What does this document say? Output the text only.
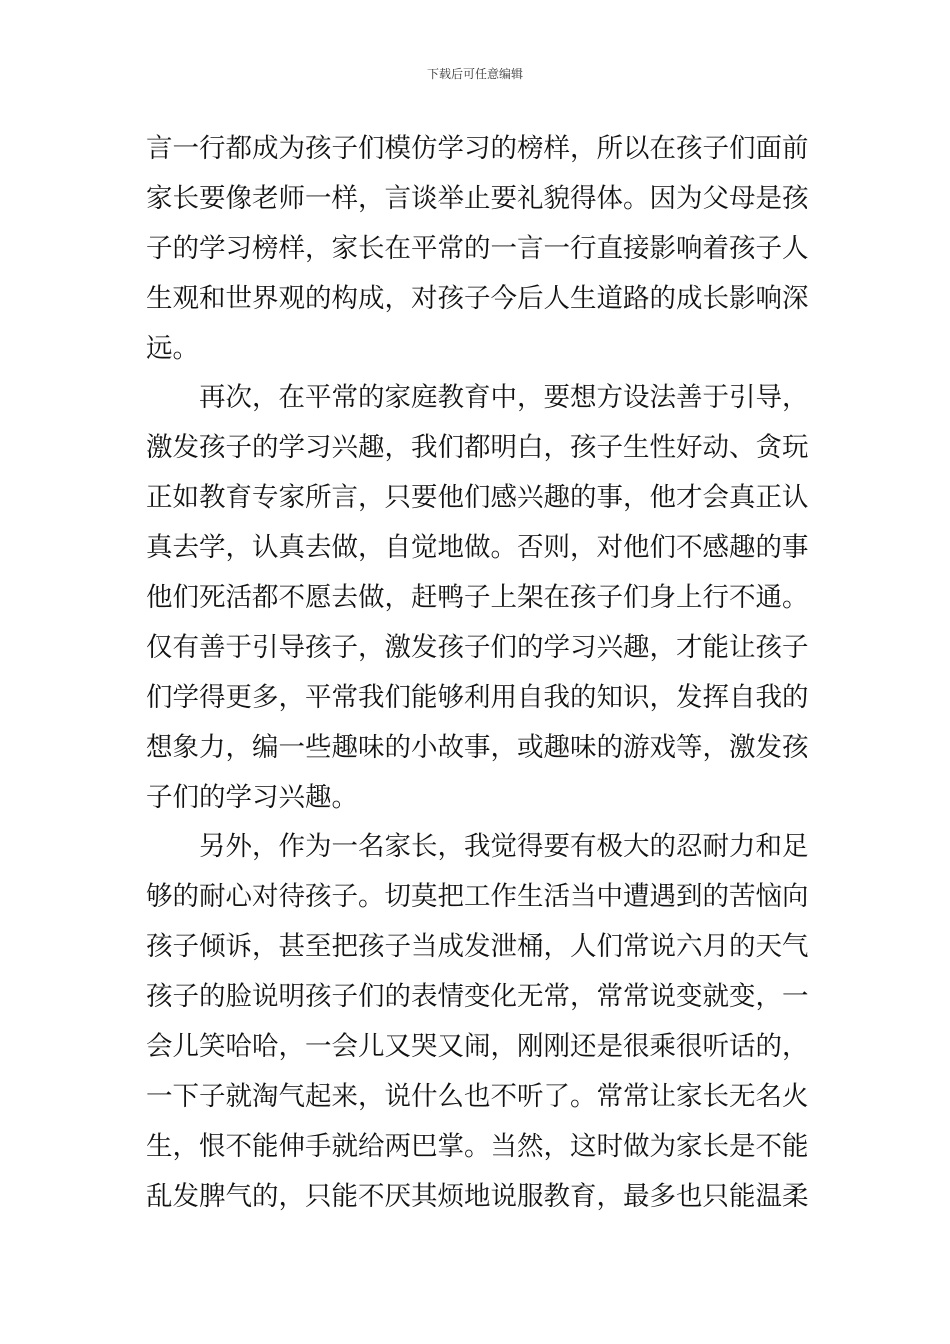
下载后可任意编辑
言一行都成为孩子们模仿学习的榜样，所以在孩子们面前
家长要像老师一样，言谈举止要礼貌得体。因为父母是孩
子的学习榜样，家长在平常的一言一行直接影响着孩子人
生观和世界观的构成，对孩子今后人生道路的成长影响深
远。
再次，在平常的家庭教育中，要想方设法善于引导，
激发孩子的学习兴趣，我们都明白，孩子生性好动、贪玩
正如教育专家所言，只要他们感兴趣的事，他才会真正认
真去学，认真去做，自觉地做。否则，对他们不感趣的事
他们死活都不愿去做，赶鸭子上架在孩子们身上行不通。
仅有善于引导孩子，激发孩子们的学习兴趣，才能让孩子
们学得更多，平常我们能够利用自我的知识，发挥自我的
想象力，编一些趣味的小故事，或趣味的游戏等，激发孩
子们的学习兴趣。
另外，作为一名家长，我觉得要有极大的忍耐力和足
够的耐心对待孩子。切莫把工作生活当中遭遇到的苦恼向
孩子倾诉，甚至把孩子当成发泄桶，人们常说六月的天气
孩子的脸说明孩子们的表情变化无常，常常说变就变，一
会儿笑哈哈，一会儿又哭又闹，刚刚还是很乘很听话的，
一下子就淘气起来，说什么也不听了。常常让家长无名火
生，恨不能伸手就给两巴掌。当然，这时做为家长是不能
乱发脾气的，只能不厌其烦地说服教育，最多也只能温柔
